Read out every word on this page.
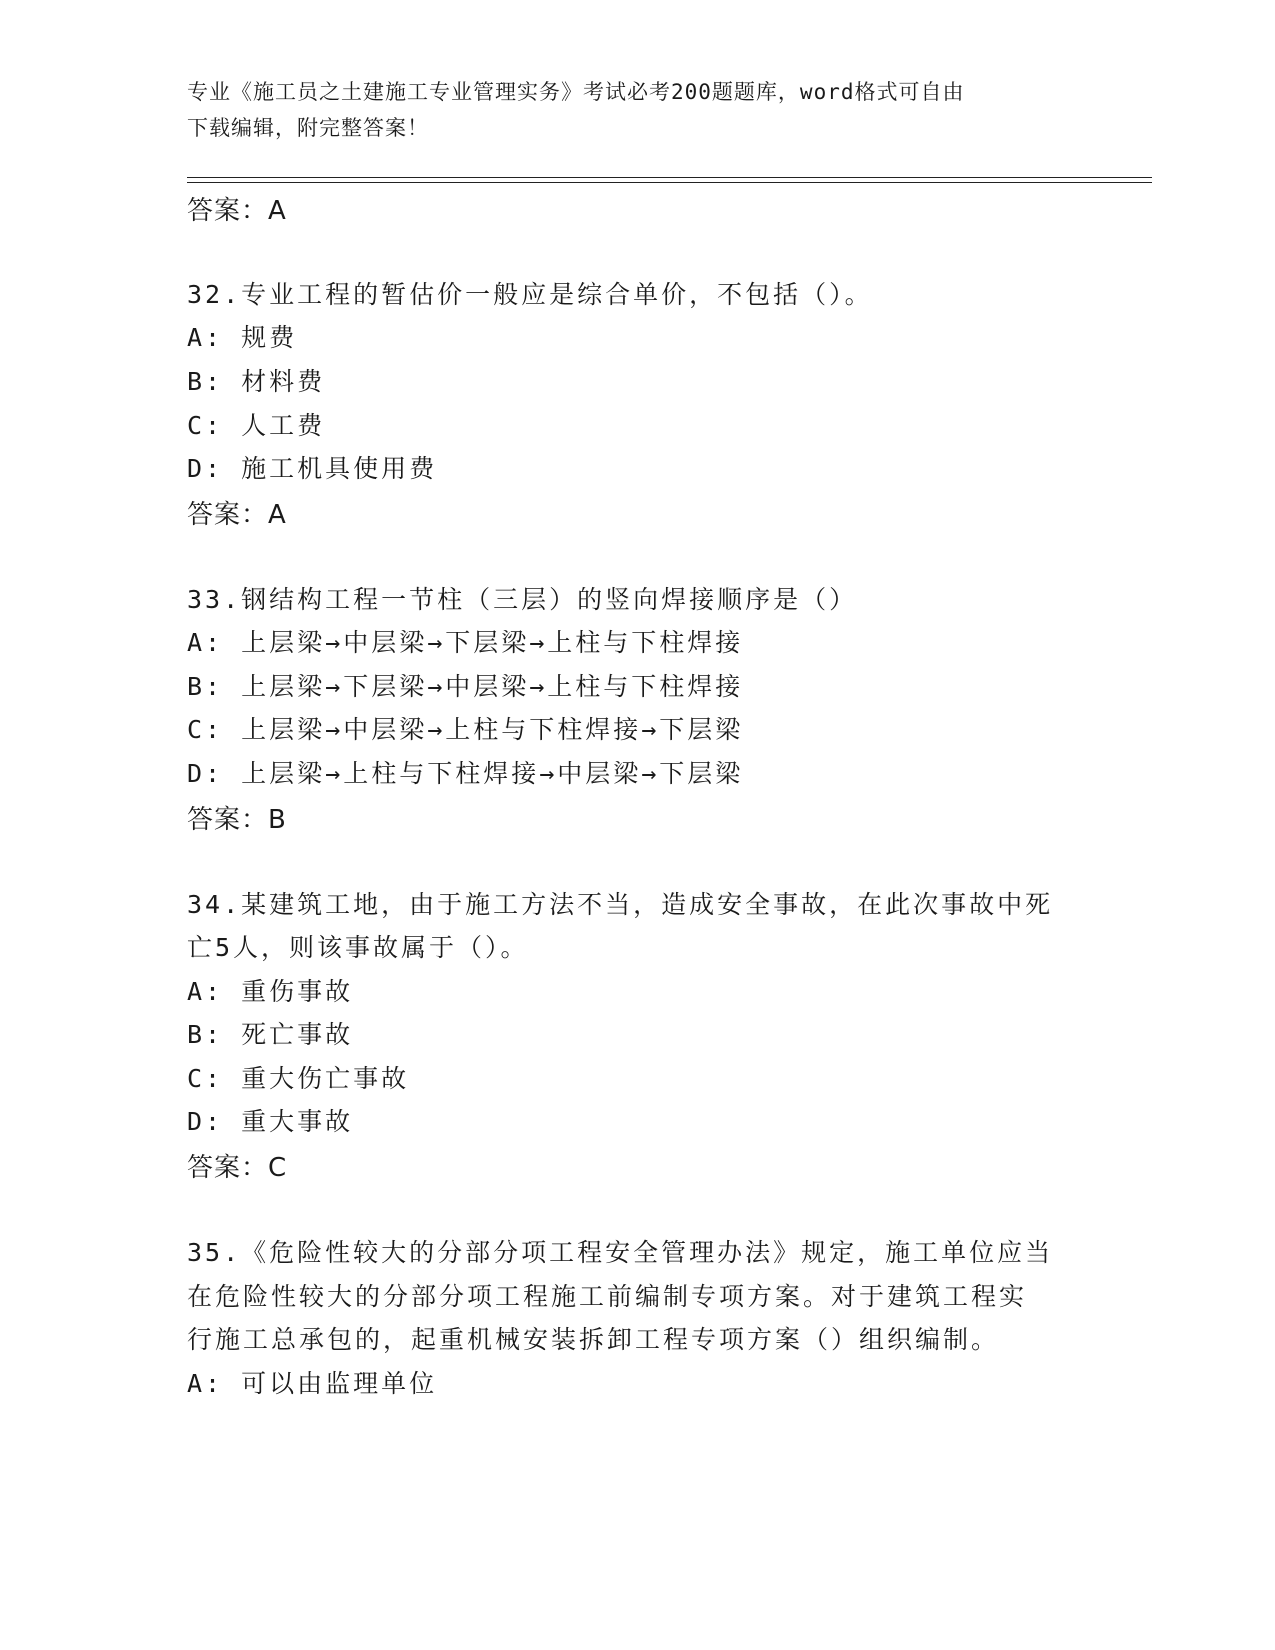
专业《施工员之土建施工专业管理实务》考试必考200题题库，word格式可自由
下载编辑，附完整答案！
答案：A
32.专业工程的暂估价一般应是综合单价，不包括（）。
A: 规费
B: 材料费
C: 人工费
D: 施工机具使用费
答案：A
33.钢结构工程一节柱（三层）的竖向焊接顺序是（）
A: 上层梁→中层梁→下层梁→上柱与下柱焊接
B: 上层梁→下层梁→中层梁→上柱与下柱焊接
C: 上层梁→中层梁→上柱与下柱焊接→下层梁
D: 上层梁→上柱与下柱焊接→中层梁→下层梁
答案：B
34.某建筑工地，由于施工方法不当，造成安全事故，在此次事故中死
亡5人，则该事故属于（）。
A: 重伤事故
B: 死亡事故
C: 重大伤亡事故
D: 重大事故
答案：C
35.《危险性较大的分部分项工程安全管理办法》规定，施工单位应当
在危险性较大的分部分项工程施工前编制专项方案。对于建筑工程实
行施工总承包的，起重机械安装拆卸工程专项方案（）组织编制。
A: 可以由监理单位
